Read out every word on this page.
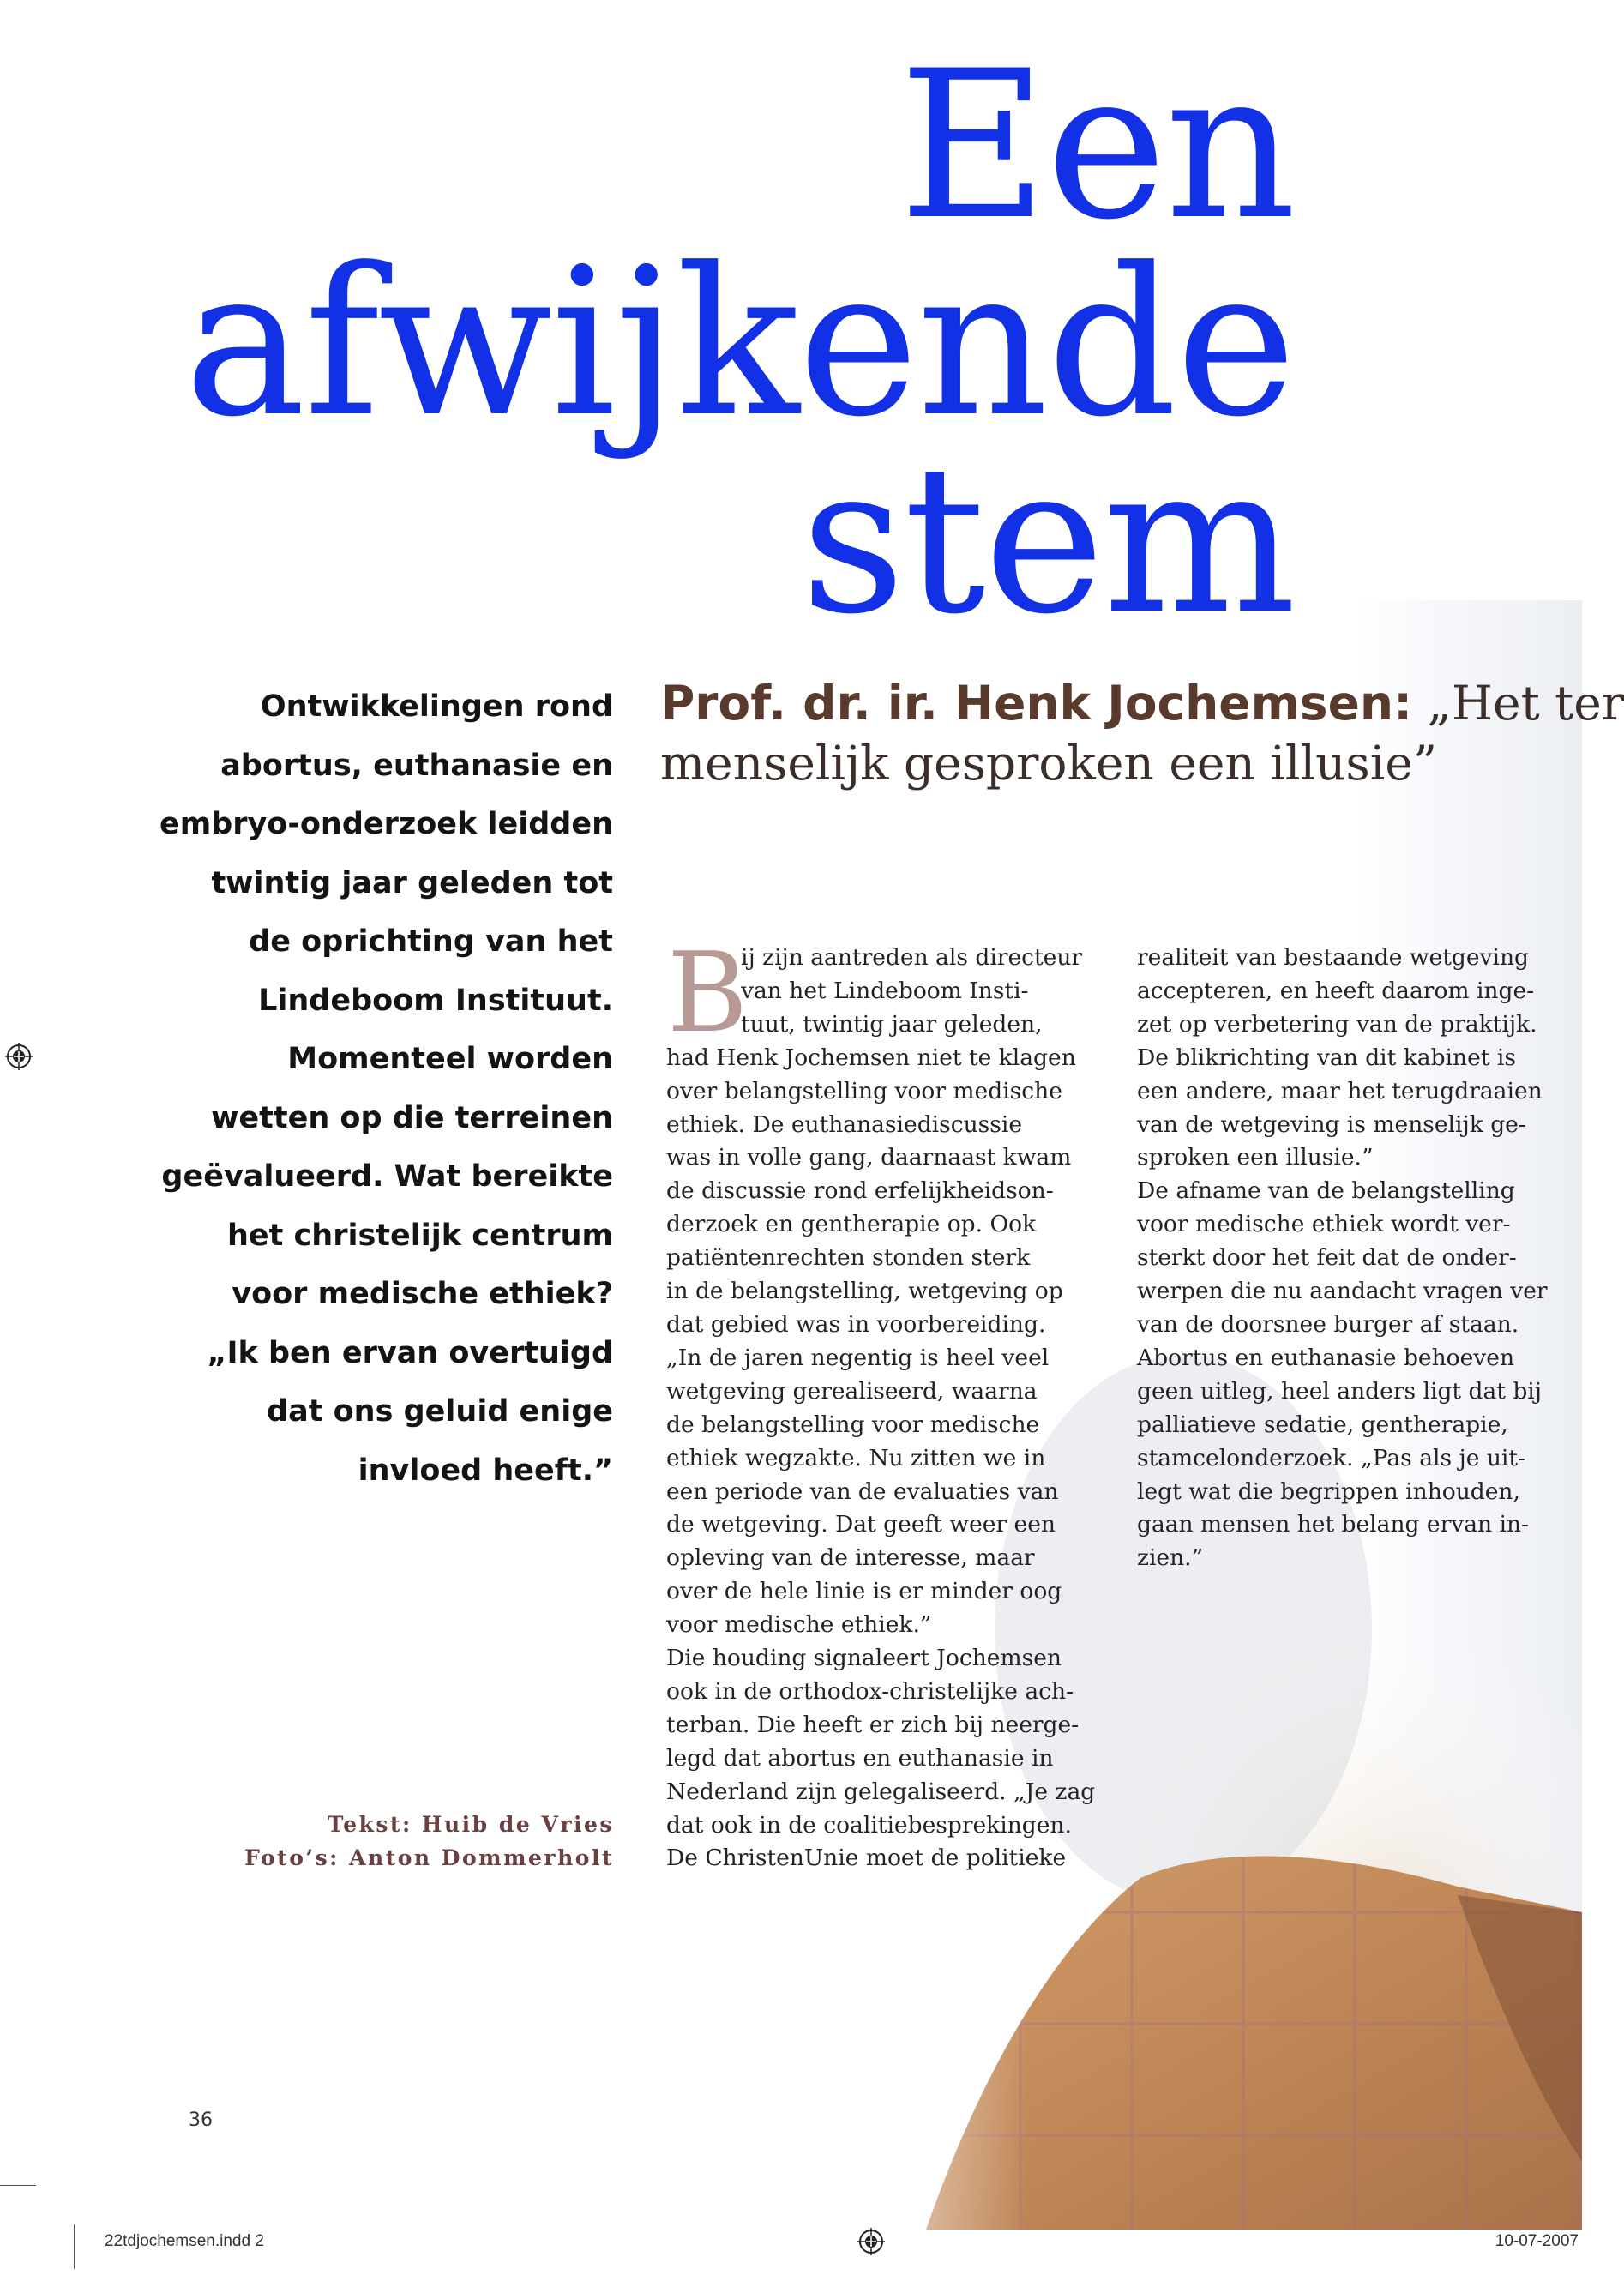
Een
afwijkende
stem
Ontwikkelingen rond
abortus, euthanasie en
embryo-onderzoek leidden
twintig jaar geleden tot
de oprichting van het
Lindeboom Instituut.
Momenteel worden
wetten op die terreinen
geëvalueerd. Wat bereikte
het christelijk centrum
voor medische ethiek?
„Ik ben ervan overtuigd
dat ons geluid enige
invloed heeft.”
Tekst: Huib de Vries
Foto’s: Anton Dommerholt
Prof. dr. ir. Henk Jochemsen: „Het ter
menselijk gesproken een illusie”
B
ij zijn aantreden als directeur
van het Lindeboom Insti-
tuut, twintig jaar geleden,
had Henk Jochemsen niet te klagen
over belangstelling voor medische
ethiek. De euthanasiediscussie
was in volle gang, daarnaast kwam
de discussie rond erfelijkheidson-
derzoek en gentherapie op. Ook
patiëntenrechten stonden sterk
in de belangstelling, wetgeving op
dat gebied was in voorbereiding.
„In de jaren negentig is heel veel
wetgeving gerealiseerd, waarna
de belangstelling voor medische
ethiek wegzakte. Nu zitten we in
een periode van de evaluaties van
de wetgeving. Dat geeft weer een
opleving van de interesse, maar
over de hele linie is er minder oog
voor medische ethiek.”
Die houding signaleert Jochemsen
ook in de orthodox-christelijke ach-
terban. Die heeft er zich bij neerge-
legd dat abortus en euthanasie in
Nederland zijn gelegaliseerd. „Je zag
dat ook in de coalitiebesprekingen.
De ChristenUnie moet de politieke
realiteit van bestaande wetgeving
accepteren, en heeft daarom inge-
zet op verbetering van de praktijk.
De blikrichting van dit kabinet is
een andere, maar het terugdraaien
van de wetgeving is menselijk ge-
sproken een illusie.”
De afname van de belangstelling
voor medische ethiek wordt ver-
sterkt door het feit dat de onder-
werpen die nu aandacht vragen ver
van de doorsnee burger af staan.
Abortus en euthanasie behoeven
geen uitleg, heel anders ligt dat bij
palliatieve sedatie, gentherapie,
stamcelonderzoek. „Pas als je uit-
legt wat die begrippen inhouden,
gaan mensen het belang ervan in-
zien.”
36
22tdjochemsen.indd 2	10-07-2007
